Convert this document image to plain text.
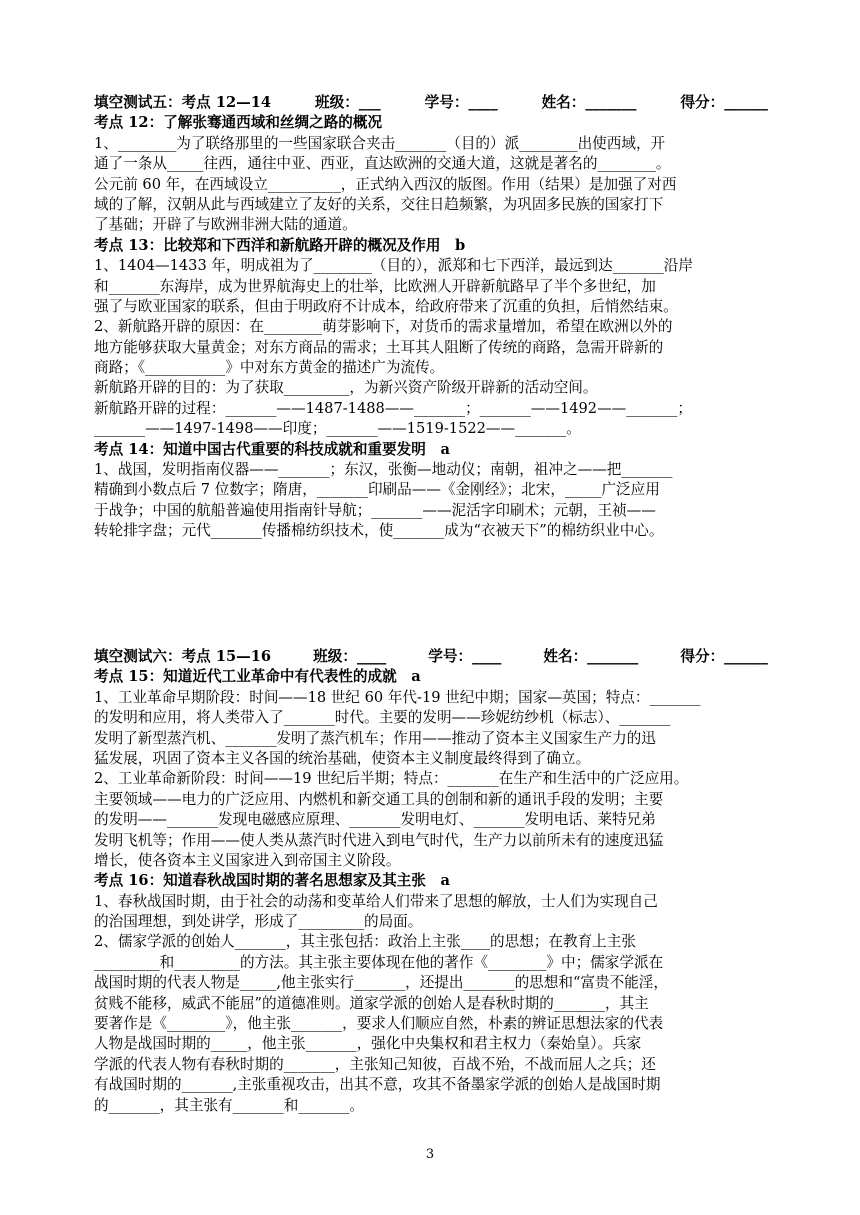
填空测试五：考点 12—14	班级：___	学号：____	姓名：_______	得分：______
考点 12：了解张骞通西域和丝绸之路的概况
1、________为了联络那里的一些国家联合夹击_______（目的）派________出使西域，开
通了一条从_____往西，通往中亚、西亚，直达欧洲的交通大道，这就是著名的________。
公元前 60 年，在西域设立__________，正式纳入西汉的版图。作用（结果）是加强了对西
域的了解，汉朝从此与西域建立了友好的关系，交往日趋频繁，为巩固多民族的国家打下
了基础；开辟了与欧洲非洲大陆的通道。
考点 13：比较郑和下西洋和新航路开辟的概况及作用　b
1、1404—1433 年，明成祖为了________（目的），派郑和七下西洋，最远到达_______沿岸
和_______东海岸，成为世界航海史上的壮举，比欧洲人开辟新航路早了半个多世纪，加
强了与欧亚国家的联系，但由于明政府不计成本，给政府带来了沉重的负担，后悄然结束。
2、新航路开辟的原因：在________萌芽影响下，对货币的需求量增加，希望在欧洲以外的
地方能够获取大量黄金；对东方商品的需求；土耳其人阻断了传统的商路，急需开辟新的
商路；《___________》中对东方黄金的描述广为流传。
新航路开辟的目的：为了获取_________，为新兴资产阶级开辟新的活动空间。
新航路开辟的过程：_______——1487-1488——_______；_______——1492——_______；
_______——1497-1498——印度；_______——1519-1522——_______。
考点 14：知道中国古代重要的科技成就和重要发明　a
1、战国，发明指南仪器——_______；东汉，张衡—地动仪；南朝，祖冲之——把_______
精确到小数点后 7 位数字；隋唐，_______印刷品——《金刚经》；北宋，_____广泛应用
于战争；中国的航船普遍使用指南针导航；_______——泥活字印刷术；元朝，王祯——
转轮排字盘；元代_______传播棉纺织技术，使_______成为“衣被天下”的棉纺织业中心。
填空测试六：考点 15—16	班级：____	学号：____	姓名：_______	得分：______
考点 15：知道近代工业革命中有代表性的成就　a
1、工业革命早期阶段：时间——18 世纪 60 年代-19 世纪中期；国家—英国；特点：_______
的发明和应用，将人类带入了_______时代。主要的发明——珍妮纺纱机（标志）、_______
发明了新型蒸汽机、_______发明了蒸汽机车；作用——推动了资本主义国家生产力的迅
猛发展，巩固了资本主义各国的统治基础，使资本主义制度最终得到了确立。
2、工业革命新阶段：时间——19 世纪后半期；特点：_______在生产和生活中的广泛应用。
主要领域——电力的广泛应用、内燃机和新交通工具的创制和新的通讯手段的发明；主要
的发明——_______发现电磁感应原理、_______发明电灯、_______发明电话、莱特兄弟
发明飞机等；作用——使人类从蒸汽时代进入到电气时代，生产力以前所未有的速度迅猛
增长，使各资本主义国家进入到帝国主义阶段。
考点 16：知道春秋战国时期的著名思想家及其主张　a
1、春秋战国时期，由于社会的动荡和变革给人们带来了思想的解放，士人们为实现自己
的治国理想，到处讲学，形成了_________的局面。
2、儒家学派的创始人_______，其主张包括：政治上主张____的思想；在教育上主张
_________和_________的方法。其主张主要体现在他的著作《________》中；儒家学派在
战国时期的代表人物是_____,他主张实行_______，还提出_______的思想和“富贵不能淫，
贫贱不能移，威武不能屈”的道德准则。道家学派的创始人是春秋时期的_______，其主
要著作是《________》，他主张_______，要求人们顺应自然，朴素的辨证思想法家的代表
人物是战国时期的_____，他主张_______，强化中央集权和君主权力（秦始皇）。兵家
学派的代表人物有春秋时期的_______，主张知己知彼，百战不殆，不战而屈人之兵；还
有战国时期的_______,主张重视攻击，出其不意，攻其不备墨家学派的创始人是战国时期
的_______，其主张有_______和_______。
3
